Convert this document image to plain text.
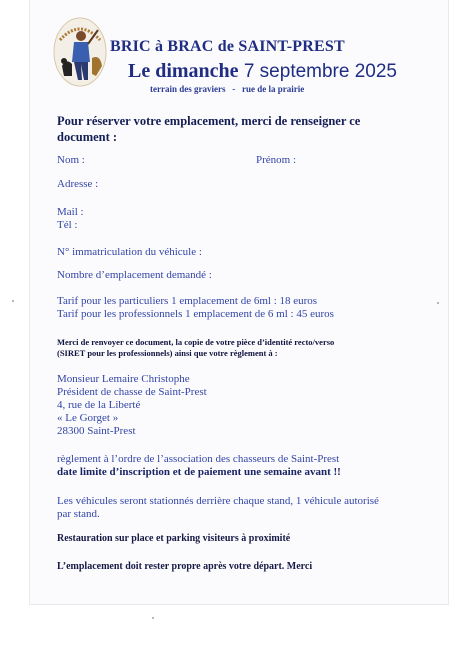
BRIC à BRAC de SAINT-PREST
Le dimanche 7 septembre 2025
terrain des graviers   -   rue de la prairie
Pour réserver votre emplacement, merci de renseigner ce
document :
Nom :	Prénom :
Adresse :
Mail :
Tél :
N° immatriculation du véhicule :
Nombre d’emplacement demandé :
Tarif pour les particuliers 1 emplacement de 6ml : 18 euros
Tarif pour les professionnels 1 emplacement de 6 ml : 45 euros
Merci de renvoyer ce document, la copie de votre pièce d’identité recto/verso
(SIRET pour les professionnels) ainsi que votre règlement à :
Monsieur Lemaire Christophe
Président de chasse de Saint-Prest
4, rue de la Liberté
« Le Gorget »
28300 Saint-Prest
règlement à l’ordre de l’association des chasseurs de Saint-Prest
date limite d’inscription et de paiement une semaine avant !!
Les véhicules seront stationnés derrière chaque stand, 1 véhicule autorisé
par stand.
Restauration sur place et parking visiteurs à proximité
L’emplacement doit rester propre après votre départ. Merci
